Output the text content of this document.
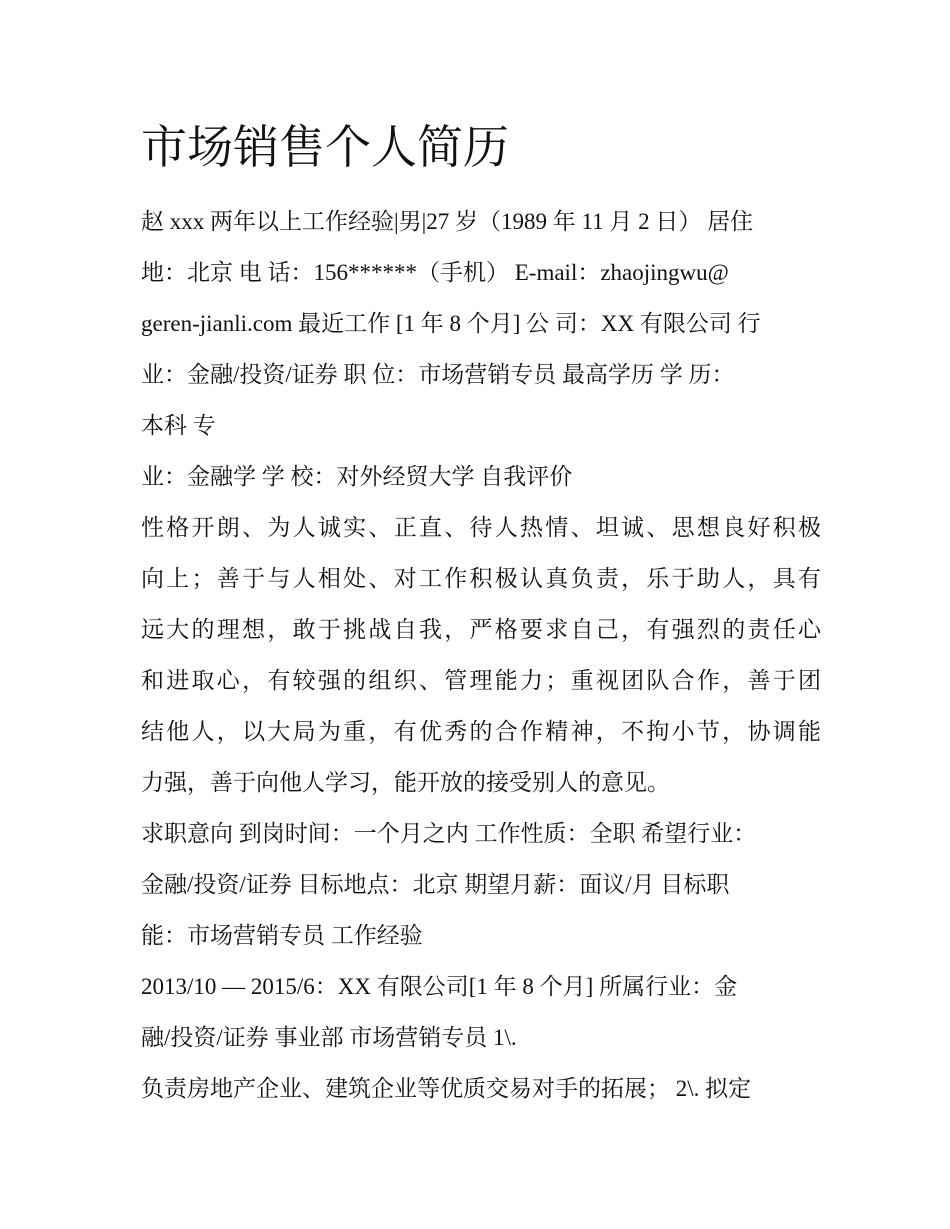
市场销售个人简历
赵 xxx 两年以上工作经验|男|27 岁（1989 年 11 月 2 日） 居住
地：北京 电 话：156******（手机） E-mail：zhaojingwu@
geren-jianli.com 最近工作 [1 年 8 个月] 公 司：XX 有限公司 行
业：金融/投资/证券 职 位：市场营销专员 最高学历 学 历：
本科 专
业：金融学 学 校：对外经贸大学 自我评价
性格开朗、为人诚实、正直、待人热情、坦诚、思想良好积极
向上；善于与人相处、对工作积极认真负责，乐于助人，具有
远大的理想，敢于挑战自我，严格要求自己，有强烈的责任心
和进取心，有较强的组织、管理能力；重视团队合作，善于团
结他人，以大局为重，有优秀的合作精神，不拘小节，协调能
力强，善于向他人学习，能开放的接受别人的意见。
求职意向 到岗时间：一个月之内 工作性质：全职 希望行业：
金融/投资/证券 目标地点：北京 期望月薪：面议/月 目标职
能：市场营销专员 工作经验
2013/10 — 2015/6：XX 有限公司[1 年 8 个月] 所属行业：金
融/投资/证券 事业部 市场营销专员 1\.
负责房地产企业、建筑企业等优质交易对手的拓展； 2\. 拟定
